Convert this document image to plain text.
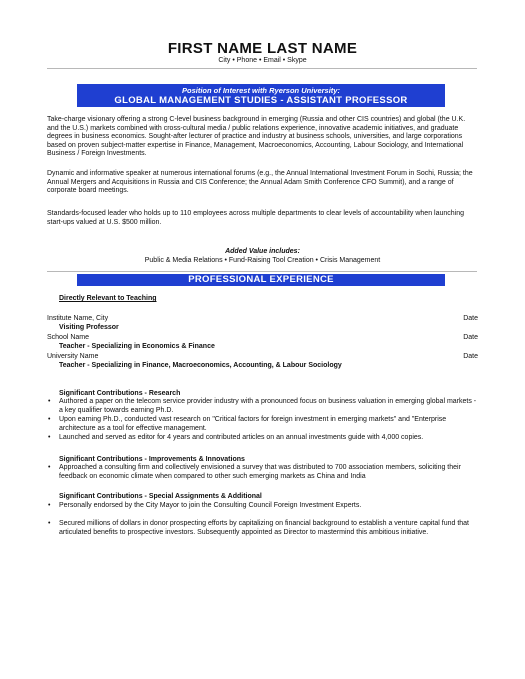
FIRST NAME LAST NAME
City • Phone • Email • Skype
Position of Interest with Ryerson University:
GLOBAL MANAGEMENT STUDIES - ASSISTANT PROFESSOR
Take-charge visionary offering a strong C-level business background in emerging (Russia and other CIS countries) and global (the U.K. and the U.S.) markets combined with cross-cultural media / public relations experience, innovative academic initiatives, and graduate degrees in business economics. Sought-after lecturer of practice and industry at business schools, universities, and large corporations based on proven subject-matter expertise in Finance, Management, Macroeconomics, Accounting, Labour Sociology, and International Business / Foreign Investments.
Dynamic and informative speaker at numerous international forums (e.g., the Annual International Investment Forum in Sochi, Russia; the Annual Mergers and Acquisitions in Russia and CIS Conference; the Annual Adam Smith Conference CFO Summit), and a range of corporate board meetings.
Standards-focused leader who holds up to 110 employees across multiple departments to clear levels of accountability when launching start-ups valued at U.S. $500 million.
Added Value includes:
Public & Media Relations • Fund-Raising Tool Creation • Crisis Management
PROFESSIONAL EXPERIENCE
Directly Relevant to Teaching
Institute Name, City	Date
Visiting Professor
School Name	Date
Teacher - Specializing in Economics & Finance
University Name	Date
Teacher - Specializing in Finance, Macroeconomics, Accounting, & Labour Sociology
Significant Contributions - Research
• Authored a paper on the telecom service provider industry with a pronounced focus on business valuation in emerging global markets - a key qualifier towards earning Ph.D.
• Upon earning Ph.D., conducted vast research on "Critical factors for foreign investment in emerging markets" and "Enterprise architecture as a tool for effective management.
• Launched and served as editor for 4 years and contributed articles on an annual investments guide with 4,000 copies.
Significant Contributions - Improvements & Innovations
• Approached a consulting firm and collectively envisioned a survey that was distributed to 700 association members, soliciting their feedback on economic climate when compared to other such emerging markets as China and India
Significant Contributions - Special Assignments & Additional
• Personally endorsed by the City Mayor to join the Consulting Council Foreign Investment Experts.
• Secured millions of dollars in donor prospecting efforts by capitalizing on financial background to establish a venture capital fund that articulated benefits to prospective investors. Subsequently appointed as Director to mastermind this ambitious initiative.
